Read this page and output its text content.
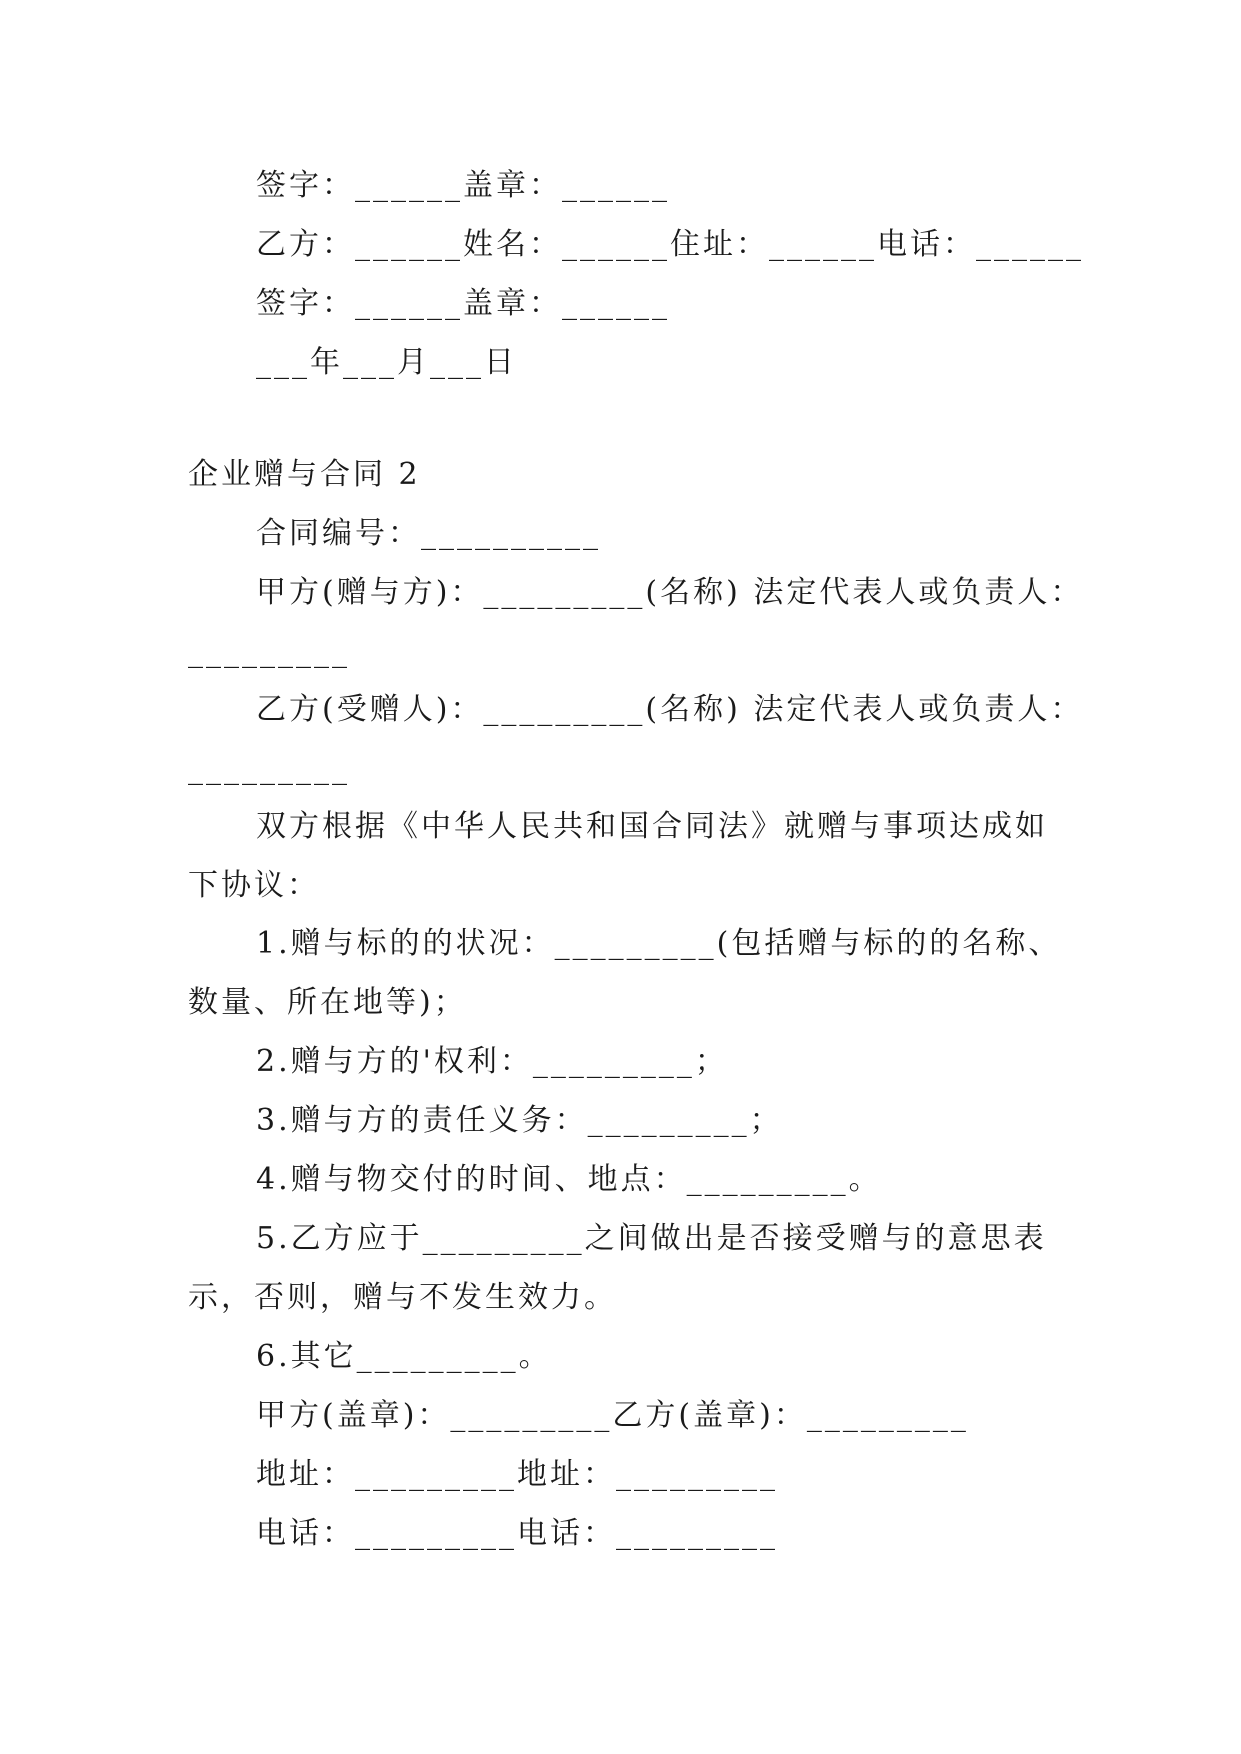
签字：______盖章：______
乙方：______姓名：______住址：______电话：______
签字：______盖章：______
___年___月___日
企业赠与合同 2
合同编号：__________
甲方(赠与方)：_________(名称) 法定代表人或负责人：
_________
乙方(受赠人)：_________(名称) 法定代表人或负责人：
_________
双方根据《中华人民共和国合同法》就赠与事项达成如
下协议：
1.赠与标的的状况：_________(包括赠与标的的名称、
数量、所在地等)；
2.赠与方的'权利：_________；
3.赠与方的责任义务：_________；
4.赠与物交付的时间、地点：_________。
5.乙方应于_________之间做出是否接受赠与的意思表
示，否则，赠与不发生效力。
6.其它_________。
甲方(盖章)：_________乙方(盖章)：_________
地址：_________地址：_________
电话：_________电话：_________
